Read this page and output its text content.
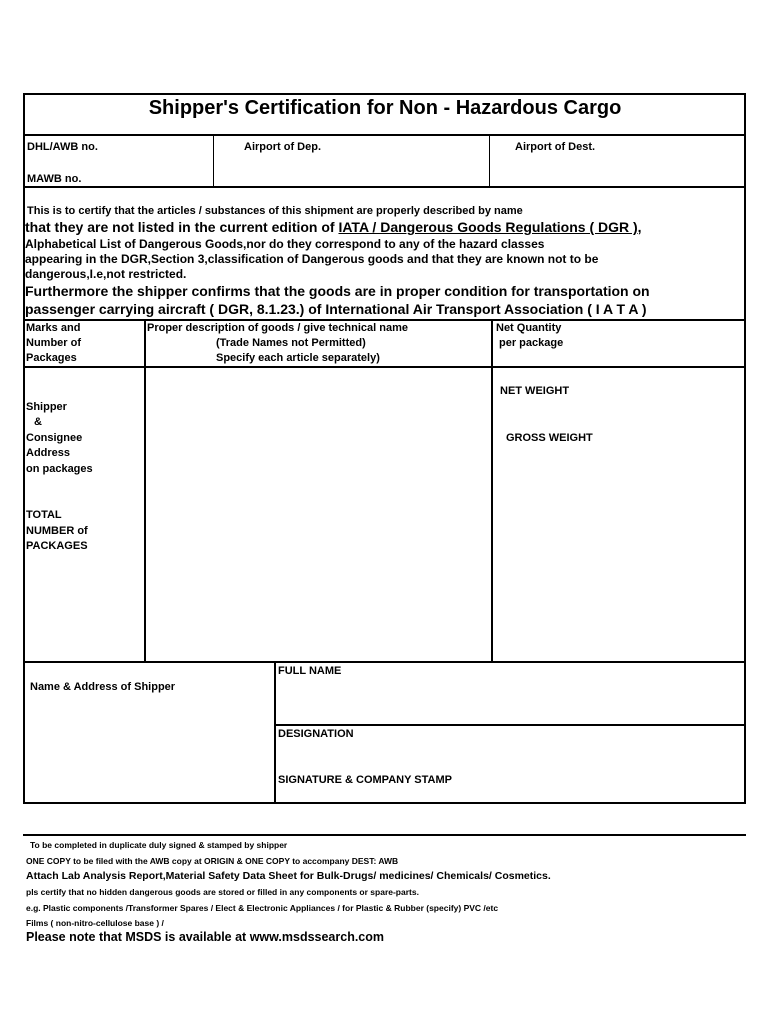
Shipper's Certification for Non - Hazardous Cargo
DHL/AWB no.	Airport of Dep.	Airport of Dest.
MAWB no.
This is to certify that the articles / substances of this shipment are properly described by name
that they are not listed in the current edition of IATA / Dangerous Goods Regulations ( DGR ),
Alphabetical List of Dangerous Goods,nor do they correspond to any of the hazard classes
appearing in the DGR,Section 3,classification of Dangerous goods and that they are known not to be
dangerous,I.e,not restricted.
Furthermore the shipper confirms that the goods are in proper condition for transportation on
passenger carrying aircraft ( DGR, 8.1.23.) of International Air Transport Association ( I A T A )
Marks and
Number of
Packages
Proper description of goods / give technical name
(Trade Names not Permitted)
Specify each article separately)
Net Quantity
per package
Shipper
&
Consignee
Address
on packages
TOTAL
NUMBER of
PACKAGES
NET WEIGHT
GROSS WEIGHT
Name & Address of Shipper
FULL NAME
DESIGNATION
SIGNATURE & COMPANY STAMP
To be completed in duplicate duly signed & stamped by shipper
ONE COPY to be filed with the AWB copy at ORIGIN & ONE COPY to accompany DEST: AWB
Attach Lab Analysis Report,Material Safety Data Sheet for Bulk-Drugs/ medicines/ Chemicals/ Cosmetics.
pls certify that no hidden dangerous goods are stored or filled in any components or spare-parts.
e.g. Plastic components /Transformer Spares / Elect & Electronic Appliances / for Plastic & Rubber (specify) PVC /etc
Films ( non-nitro-cellulose base ) /
Please note that MSDS is available at www.msdssearch.com
